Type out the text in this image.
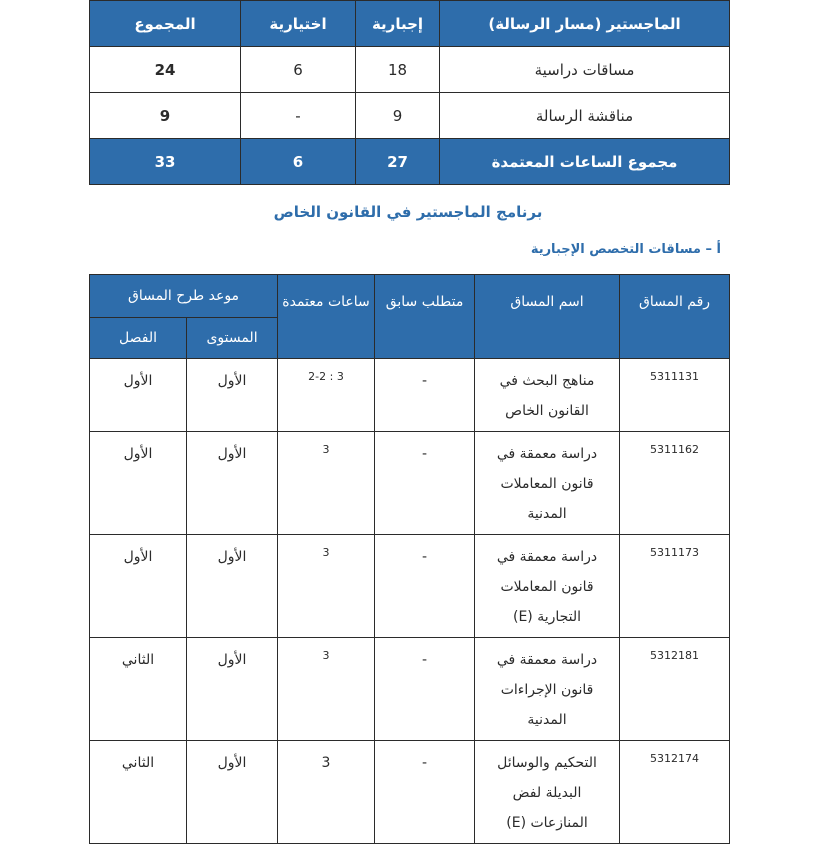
الماجستير (مسار الرسالة)	إجبارية	اختيارية	المجموع
مساقات دراسية	18	6	24
مناقشة الرسالة	9	-	9
مجموع الساعات المعتمدة	27	6	33
برنامج الماجستير في القانون الخاص
أ – مساقات التخصص الإجبارية
رقم المساق	اسم المساق	متطلب سابق	ساعات معتمدة	موعد طرح المساق	
				المستوى	الفصل
5311131	مناهج البحث في القانون الخاص	-	2-2 : 3	الأول	الأول
5311162	دراسة معمقة في قانون المعاملات المدنية	-	3	الأول	الأول
5311173	دراسة معمقة في قانون المعاملات التجارية (E)	-	3	الأول	الأول
5312181	دراسة معمقة في قانون الإجراءات المدنية	-	3	الأول	الثاني
5312174	التحكيم والوسائل البديلة لفض المنازعات (E)	-	3	الأول	الثاني
